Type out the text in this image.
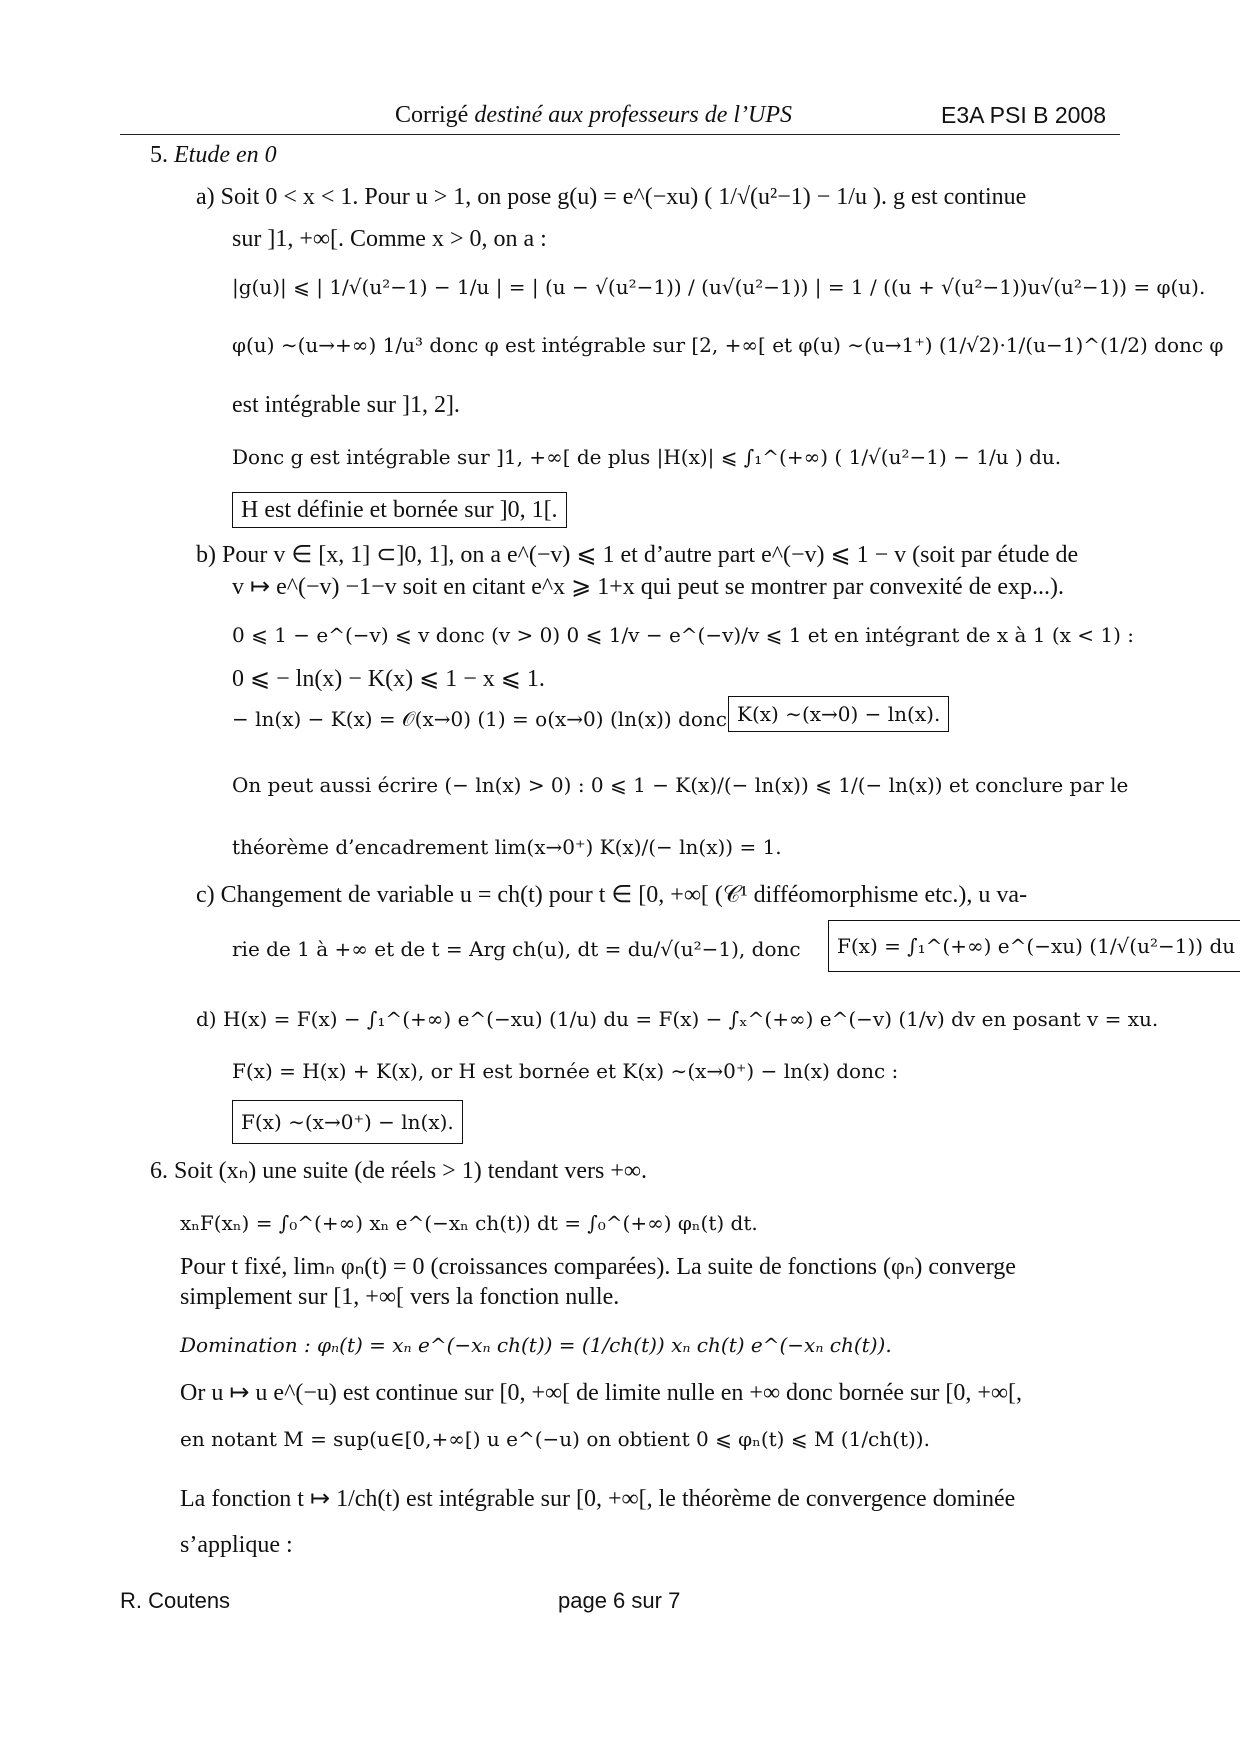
Corrigé destiné aux professeurs de l’UPS	E3A PSI B 2008
5. Etude en 0
a) Soit 0 < x < 1. Pour u > 1, on pose g(u) = e^(−xu) ( 1/√(u²−1) − 1/u ). g est continue
sur ]1, +∞[. Comme x > 0, on a :
|g(u)| ⩽ | 1/√(u²−1) − 1/u | = | (u − √(u²−1)) / (u√(u²−1)) | = 1 / ((u + √(u²−1))u√(u²−1)) = φ(u).
φ(u) ∼(u→+∞) 1/u³ donc φ est intégrable sur [2, +∞[ et φ(u) ∼(u→1⁺) (1/√2)·1/(u−1)^(1/2) donc φ
est intégrable sur ]1, 2].
Donc g est intégrable sur ]1, +∞[ de plus |H(x)| ⩽ ∫₁^(+∞) ( 1/√(u²−1) − 1/u ) du.
H est définie et bornée sur ]0, 1[.
b) Pour v ∈ [x, 1] ⊂]0, 1], on a e^(−v) ⩽ 1 et d’autre part e^(−v) ⩽ 1 − v (soit par étude de
v ↦ e^(−v) −1−v soit en citant e^x ⩾ 1+x qui peut se montrer par convexité de exp...).
0 ⩽ 1 − e^(−v) ⩽ v donc (v > 0) 0 ⩽ 1/v − e^(−v)/v ⩽ 1 et en intégrant de x à 1 (x < 1) :
0 ⩽ − ln(x) − K(x) ⩽ 1 − x ⩽ 1.
− ln(x) − K(x) = 𝒪(x→0) (1) = o(x→0) (ln(x)) donc K(x) ∼(x→0) − ln(x).
On peut aussi écrire (− ln(x) > 0) : 0 ⩽ 1 − K(x)/(− ln(x)) ⩽ 1/(− ln(x)) et conclure par le
théorème d’encadrement lim(x→0⁺) K(x)/(− ln(x)) = 1.
c) Changement de variable u = ch(t) pour t ∈ [0, +∞[ (𝒞¹ difféomorphisme etc.), u va-
rie de 1 à +∞ et de t = Arg ch(u), dt = du/√(u²−1), donc	F(x) = ∫₁^(+∞) e^(−xu) (1/√(u²−1)) du
d) H(x) = F(x) − ∫₁^(+∞) e^(−xu) (1/u) du = F(x) − ∫ₓ^(+∞) e^(−v) (1/v) dv en posant v = xu.
F(x) = H(x) + K(x), or H est bornée et K(x) ∼(x→0⁺) − ln(x) donc :
F(x) ∼(x→0⁺) − ln(x).
6. Soit (xₙ) une suite (de réels > 1) tendant vers +∞.
xₙF(xₙ) = ∫₀^(+∞) xₙ e^(−xₙ ch(t)) dt = ∫₀^(+∞) φₙ(t) dt.
Pour t fixé, limₙ φₙ(t) = 0 (croissances comparées). La suite de fonctions (φₙ) converge
simplement sur [1, +∞[ vers la fonction nulle.
Domination : φₙ(t) = xₙ e^(−xₙ ch(t)) = (1/ch(t)) xₙ ch(t) e^(−xₙ ch(t)).
Or u ↦ u e^(−u) est continue sur [0, +∞[ de limite nulle en +∞ donc bornée sur [0, +∞[,
en notant M = sup(u∈[0,+∞[) u e^(−u) on obtient 0 ⩽ φₙ(t) ⩽ M (1/ch(t)).
La fonction t ↦ 1/ch(t) est intégrable sur [0, +∞[, le théorème de convergence dominée
s’applique :
R. Coutens	page 6 sur 7
